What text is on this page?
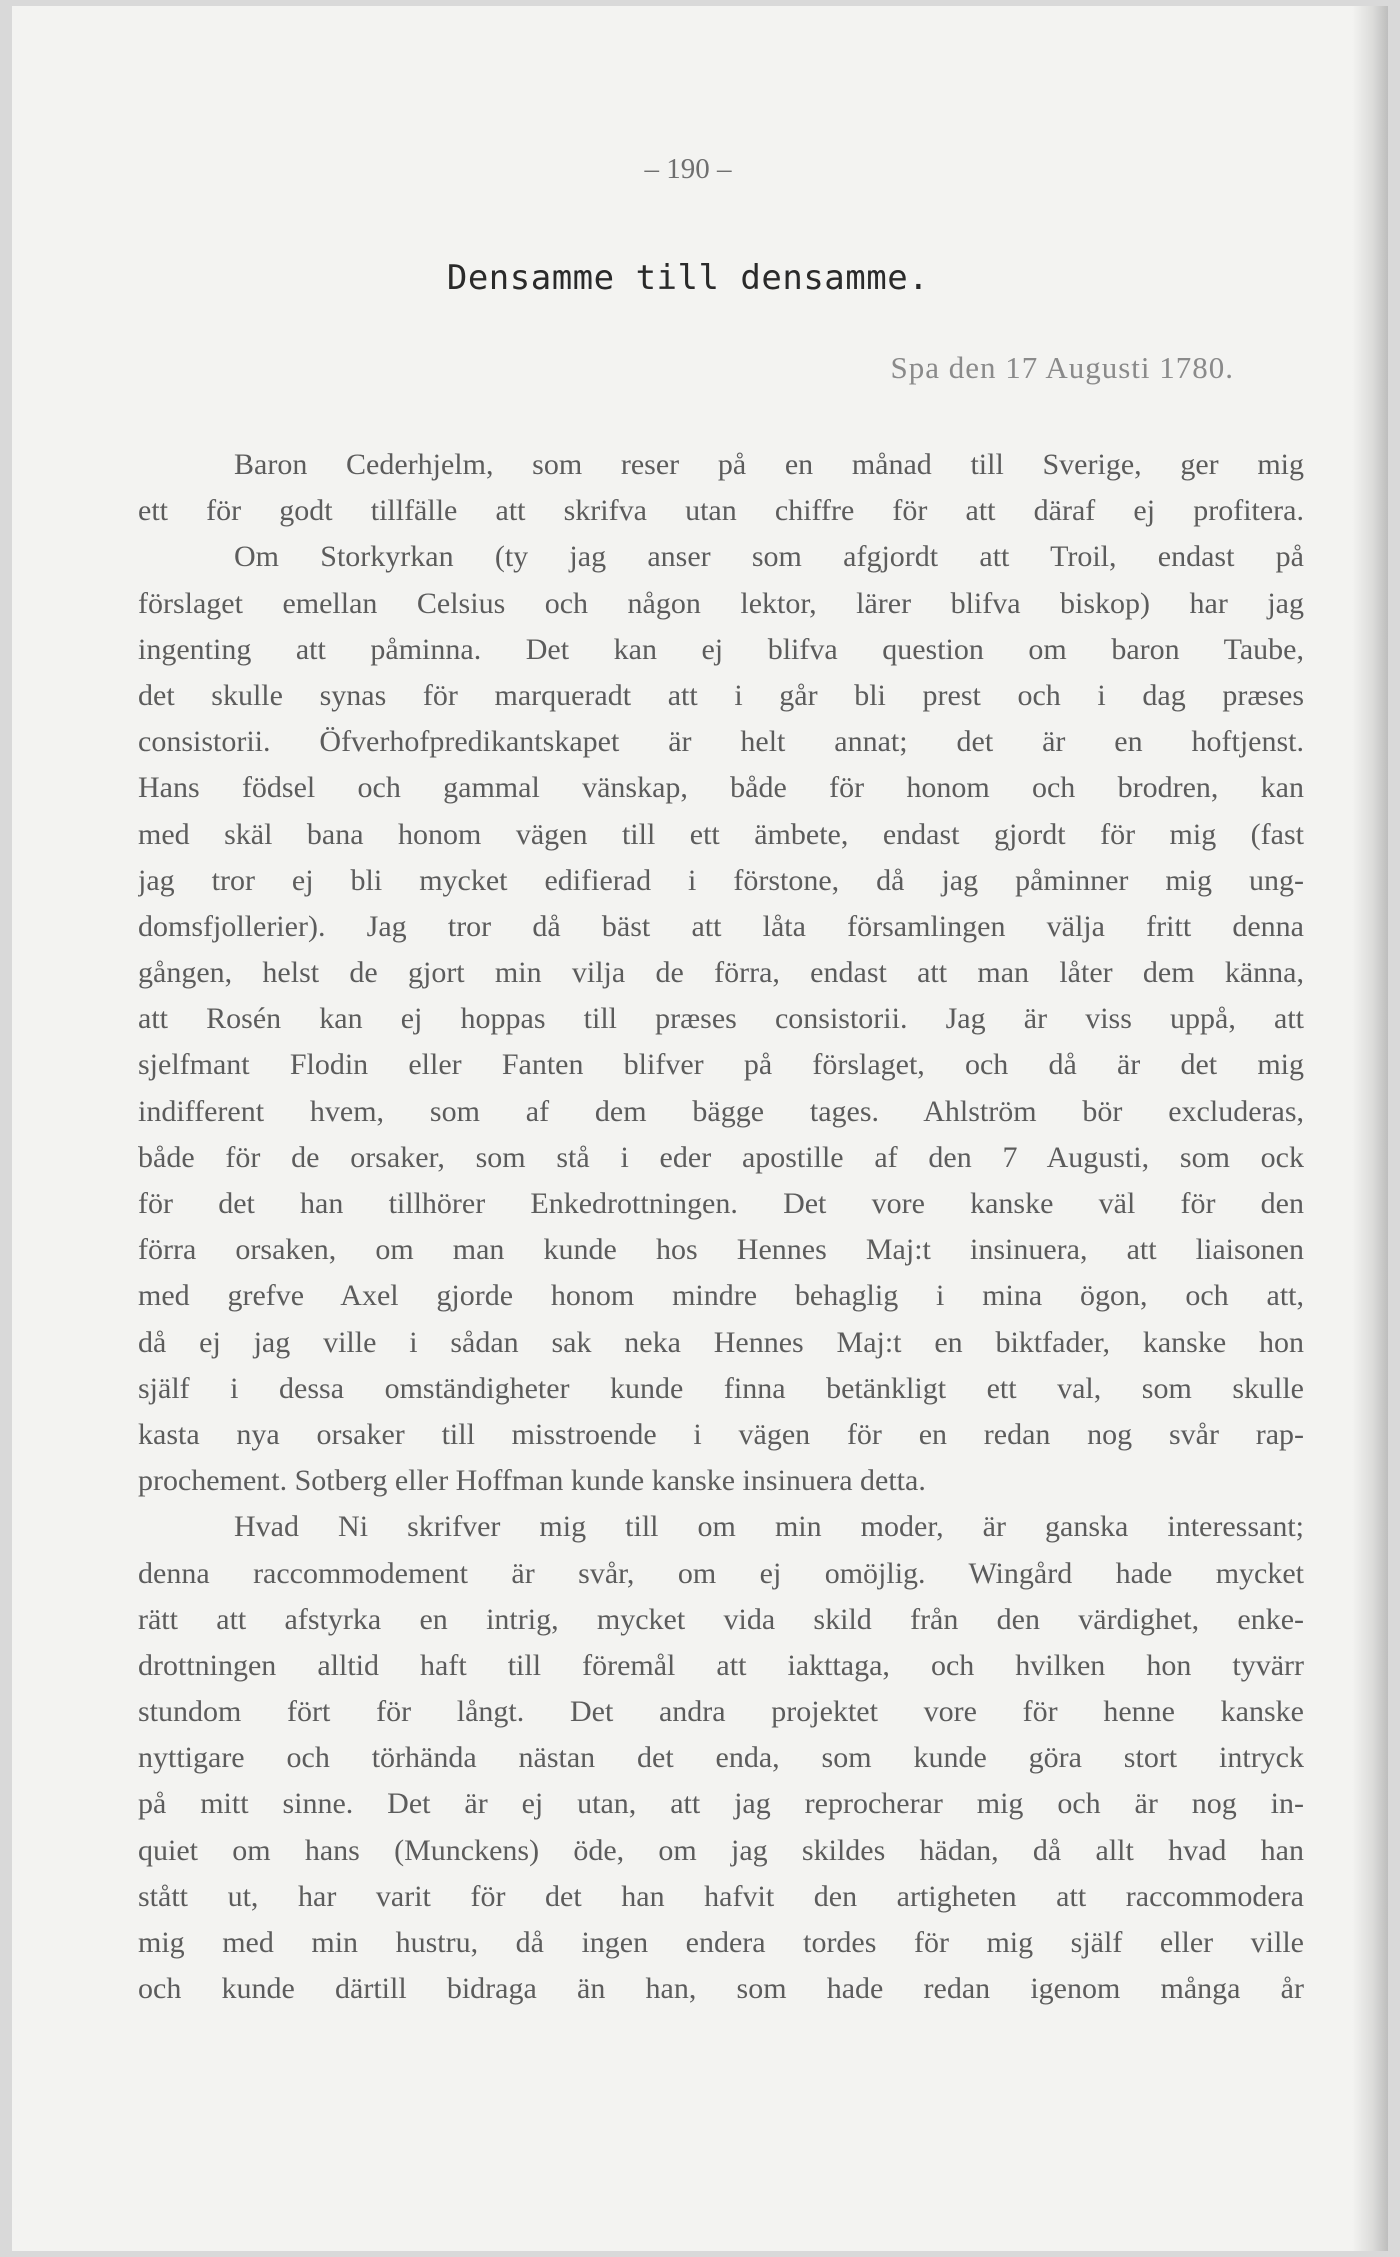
– 190 –
Densamme till densamme.
Spa den 17 Augusti 1780.
Baron Cederhjelm, som reser på en månad till Sverige, ger mig
ett för godt tillfälle att skrifva utan chiffre för att däraf ej profitera.
Om Storkyrkan (ty jag anser som afgjordt att Troil, endast på
förslaget emellan Celsius och någon lektor, lärer blifva biskop) har jag
ingenting att påminna. Det kan ej blifva question om baron Taube,
det skulle synas för marqueradt att i går bli prest och i dag præses
consistorii. Öfverhofpredikantskapet är helt annat; det är en hoftjenst.
Hans födsel och gammal vänskap, både för honom och brodren, kan
med skäl bana honom vägen till ett ämbete, endast gjordt för mig (fast
jag tror ej bli mycket edifierad i förstone, då jag påminner mig ung-
domsfjollerier). Jag tror då bäst att låta församlingen välja fritt denna
gången, helst de gjort min vilja de förra, endast att man låter dem känna,
att Rosén kan ej hoppas till præses consistorii. Jag är viss uppå, att
sjelfmant Flodin eller Fanten blifver på förslaget, och då är det mig
indifferent hvem, som af dem bägge tages. Ahlström bör excluderas,
både för de orsaker, som stå i eder apostille af den 7 Augusti, som ock
för det han tillhörer Enkedrottningen. Det vore kanske väl för den
förra orsaken, om man kunde hos Hennes Maj:t insinuera, att liaisonen
med grefve Axel gjorde honom mindre behaglig i mina ögon, och att,
då ej jag ville i sådan sak neka Hennes Maj:t en biktfader, kanske hon
själf i dessa omständigheter kunde finna betänkligt ett val, som skulle
kasta nya orsaker till misstroende i vägen för en redan nog svår rap-
prochement. Sotberg eller Hoffman kunde kanske insinuera detta.
Hvad Ni skrifver mig till om min moder, är ganska interessant;
denna raccommodement är svår, om ej omöjlig. Wingård hade mycket
rätt att afstyrka en intrig, mycket vida skild från den värdighet, enke-
drottningen alltid haft till föremål att iakttaga, och hvilken hon tyvärr
stundom fört för långt. Det andra projektet vore för henne kanske
nyttigare och törhända nästan det enda, som kunde göra stort intryck
på mitt sinne. Det är ej utan, att jag reprocherar mig och är nog in-
quiet om hans (Munckens) öde, om jag skildes hädan, då allt hvad han
stått ut, har varit för det han hafvit den artigheten att raccommodera
mig med min hustru, då ingen endera tordes för mig själf eller ville
och kunde därtill bidraga än han, som hade redan igenom många år
